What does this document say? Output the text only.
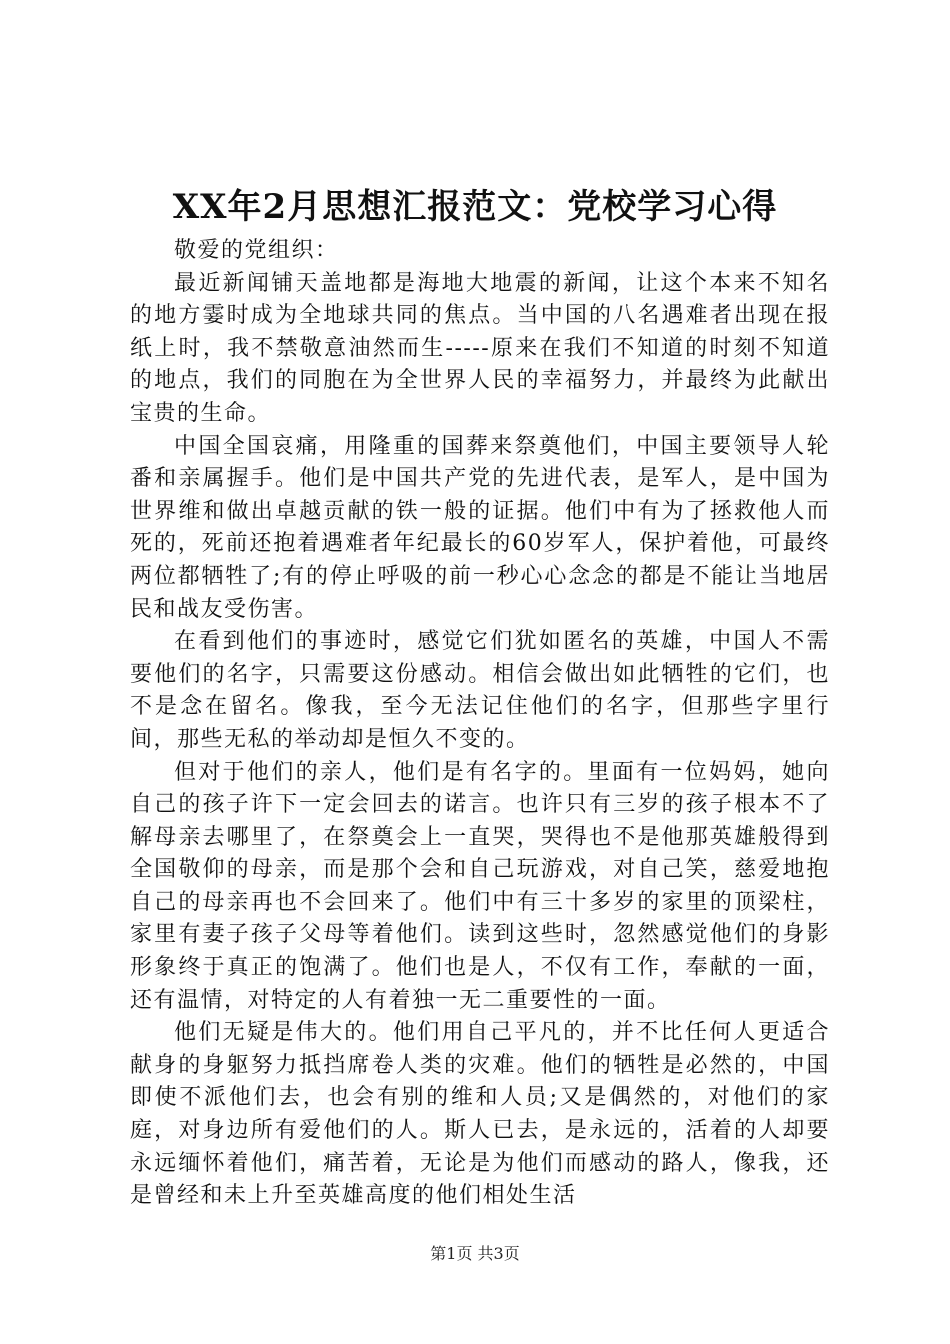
XX年2月思想汇报范文：党校学习心得

敬爱的党组织：

最近新闻铺天盖地都是海地大地震的新闻，让这个本来不知名的地方霎时成为全地球共同的焦点。当中国的八名遇难者出现在报纸上时，我不禁敬意油然而生-----原来在我们不知道的时刻不知道的地点，我们的同胞在为全世界人民的幸福努力，并最终为此献出宝贵的生命。

中国全国哀痛，用隆重的国葬来祭奠他们，中国主要领导人轮番和亲属握手。他们是中国共产党的先进代表，是军人，是中国为世界维和做出卓越贡献的铁一般的证据。他们中有为了拯救他人而死的，死前还抱着遇难者年纪最长的60岁军人，保护着他，可最终两位都牺牲了;有的停止呼吸的前一秒心心念念的都是不能让当地居民和战友受伤害。

在看到他们的事迹时，感觉它们犹如匿名的英雄，中国人不需要他们的名字，只需要这份感动。相信会做出如此牺牲的它们，也不是念在留名。像我，至今无法记住他们的名字，但那些字里行间，那些无私的举动却是恒久不变的。

但对于他们的亲人，他们是有名字的。里面有一位妈妈，她向自己的孩子许下一定会回去的诺言。也许只有三岁的孩子根本不了解母亲去哪里了，在祭奠会上一直哭，哭得也不是他那英雄般得到全国敬仰的母亲，而是那个会和自己玩游戏，对自己笑，慈爱地抱自己的母亲再也不会回来了。他们中有三十多岁的家里的顶梁柱，家里有妻子孩子父母等着他们。读到这些时，忽然感觉他们的身影形象终于真正的饱满了。他们也是人，不仅有工作，奉献的一面，还有温情，对特定的人有着独一无二重要性的一面。

他们无疑是伟大的。他们用自己平凡的，并不比任何人更适合献身的身躯努力抵挡席卷人类的灾难。他们的牺牲是必然的，中国即使不派他们去，也会有别的维和人员;又是偶然的，对他们的家庭，对身边所有爱他们的人。斯人已去，是永远的，活着的人却要永远缅怀着他们，痛苦着，无论是为他们而感动的路人，像我，还是曾经和未上升至英雄高度的他们相处生活

第1页 共3页
